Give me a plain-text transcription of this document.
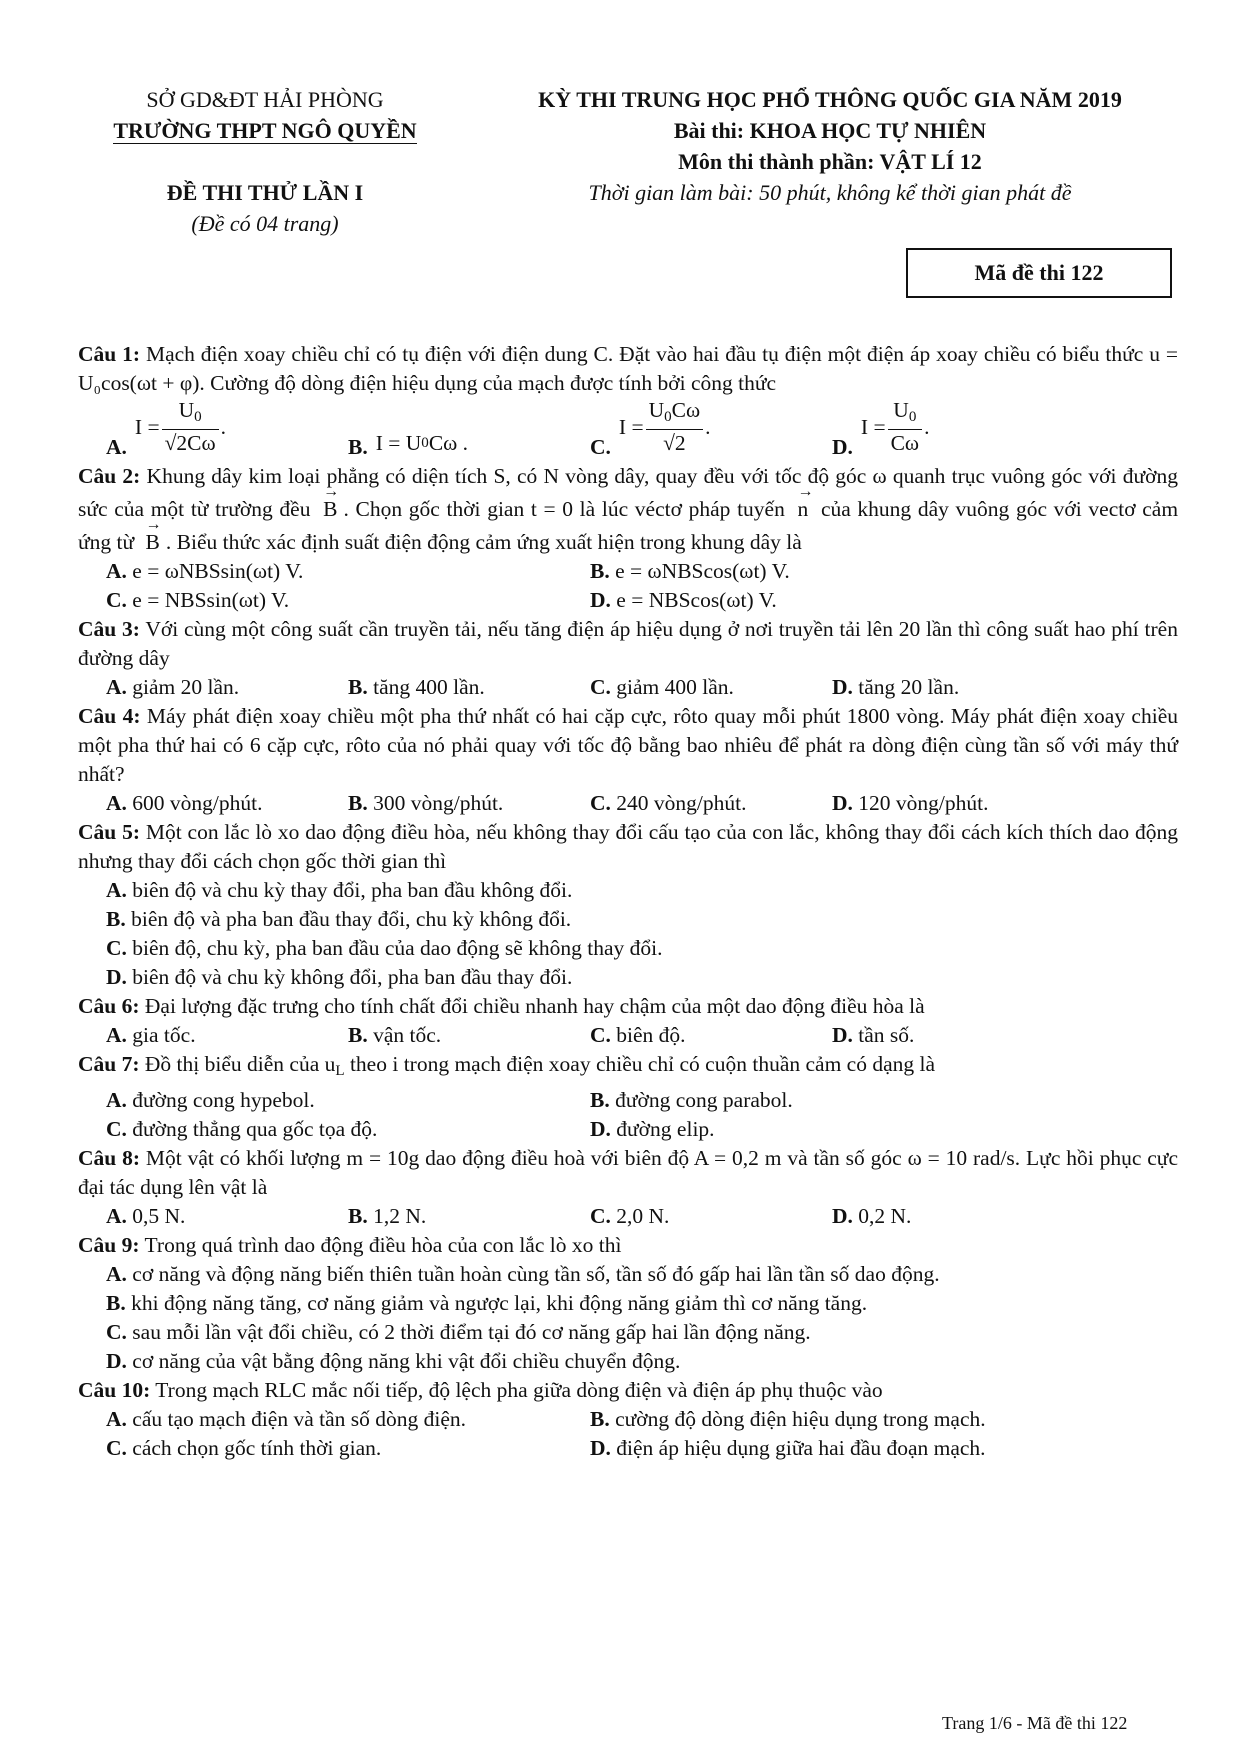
SỞ GD&ĐT HẢI PHÒNG
TRƯỜNG THPT NGÔ QUYỀN
ĐỀ THI THỬ LẦN I
(Đề có 04 trang)
KỲ THI TRUNG HỌC PHỔ THÔNG QUỐC GIA NĂM 2019
Bài thi: KHOA HỌC TỰ NHIÊN
Môn thi thành phần: VẬT LÍ 12
Thời gian làm bài: 50 phút, không kể thời gian phát đề
Mã đề thi 122
Câu 1: Mạch điện xoay chiều chỉ có tụ điện với điện dung C. Đặt vào hai đầu tụ điện một điện áp xoay chiều có biểu thức u = U₀cos(ωt + φ). Cường độ dòng điện hiệu dụng của mạch được tính bởi công thức
A.
$I = \frac{U_0}{√2C\omega}$ .
B. I = U 0 Cω .	C.
$I = \frac{U_0C\omega}{√2}$ .
D.
$I = \frac{U_0}{C\omega}$ .
Câu 2: Khung dây kim loại phẳng có diện tích S, có N vòng dây, quay đều với tốc độ góc ω quanh trục vuông góc với đường sức của một từ trường đều → B . Chọn gốc thời gian t = 0 là lúc véctơ pháp tuyến → n của khung dây vuông góc với vectơ cảm ứng từ → B . Biểu thức xác định suất điện động cảm ứng xuất hiện trong khung dây là
A. e = ωNBSsin(ωt) V.	B. e = ωNBScos(ωt) V.
C. e = NBSsin(ωt) V.	D. e = NBScos(ωt) V.
Câu 3: Với cùng một công suất cần truyền tải, nếu tăng điện áp hiệu dụng ở nơi truyền tải lên 20 lần thì công suất hao phí trên đường dây
A. giảm 20 lần.	B. tăng 400 lần.	C. giảm 400 lần.	D. tăng 20 lần.
Câu 4: Máy phát điện xoay chiều một pha thứ nhất có hai cặp cực, rôto quay mỗi phút 1800 vòng. Máy phát điện xoay chiều một pha thứ hai có 6 cặp cực, rôto của nó phải quay với tốc độ bằng bao nhiêu để phát ra dòng điện cùng tần số với máy thứ nhất?
A. 600 vòng/phút.	B. 300 vòng/phút.	C. 240 vòng/phút.	D. 120 vòng/phút.
Câu 5: Một con lắc lò xo dao động điều hòa, nếu không thay đổi cấu tạo của con lắc, không thay đổi cách kích thích dao động nhưng thay đổi cách chọn gốc thời gian thì
A. biên độ và chu kỳ thay đổi, pha ban đầu không đổi.
B. biên độ và pha ban đầu thay đổi, chu kỳ không đổi.
C. biên độ, chu kỳ, pha ban đầu của dao động sẽ không thay đổi.
D. biên độ và chu kỳ không đổi, pha ban đầu thay đổi.
Câu 6: Đại lượng đặc trưng cho tính chất đổi chiều nhanh hay chậm của một dao động điều hòa là
A. gia tốc.	B. vận tốc.	C. biên độ.	D. tần số.
Câu 7: Đồ thị biểu diễn của $u_L$ theo i trong mạch điện xoay chiều chỉ có cuộn thuần cảm có dạng là
A. đường cong hypebol.	B. đường cong parabol.
C. đường thẳng qua gốc tọa độ.	D. đường elip.
Câu 8: Một vật có khối lượng m = 10g dao động điều hoà với biên độ A = 0,2 m và tần số góc ω = 10 rad/s. Lực hồi phục cực đại tác dụng lên vật là
A. 0,5 N.	B. 1,2 N.	C. 2,0 N.	D. 0,2 N.
Câu 9: Trong quá trình dao động điều hòa của con lắc lò xo thì
A. cơ năng và động năng biến thiên tuần hoàn cùng tần số, tần số đó gấp hai lần tần số dao động.
B. khi động năng tăng, cơ năng giảm và ngược lại, khi động năng giảm thì cơ năng tăng.
C. sau mỗi lần vật đổi chiều, có 2 thời điểm tại đó cơ năng gấp hai lần động năng.
D. cơ năng của vật bằng động năng khi vật đổi chiều chuyển động.
Câu 10: Trong mạch RLC mắc nối tiếp, độ lệch pha giữa dòng điện và điện áp phụ thuộc vào
A. cấu tạo mạch điện và tần số dòng điện.	B. cường độ dòng điện hiệu dụng trong mạch.
C. cách chọn gốc tính thời gian.	D. điện áp hiệu dụng giữa hai đầu đoạn mạch.
Trang 1/6 - Mã đề thi 122
